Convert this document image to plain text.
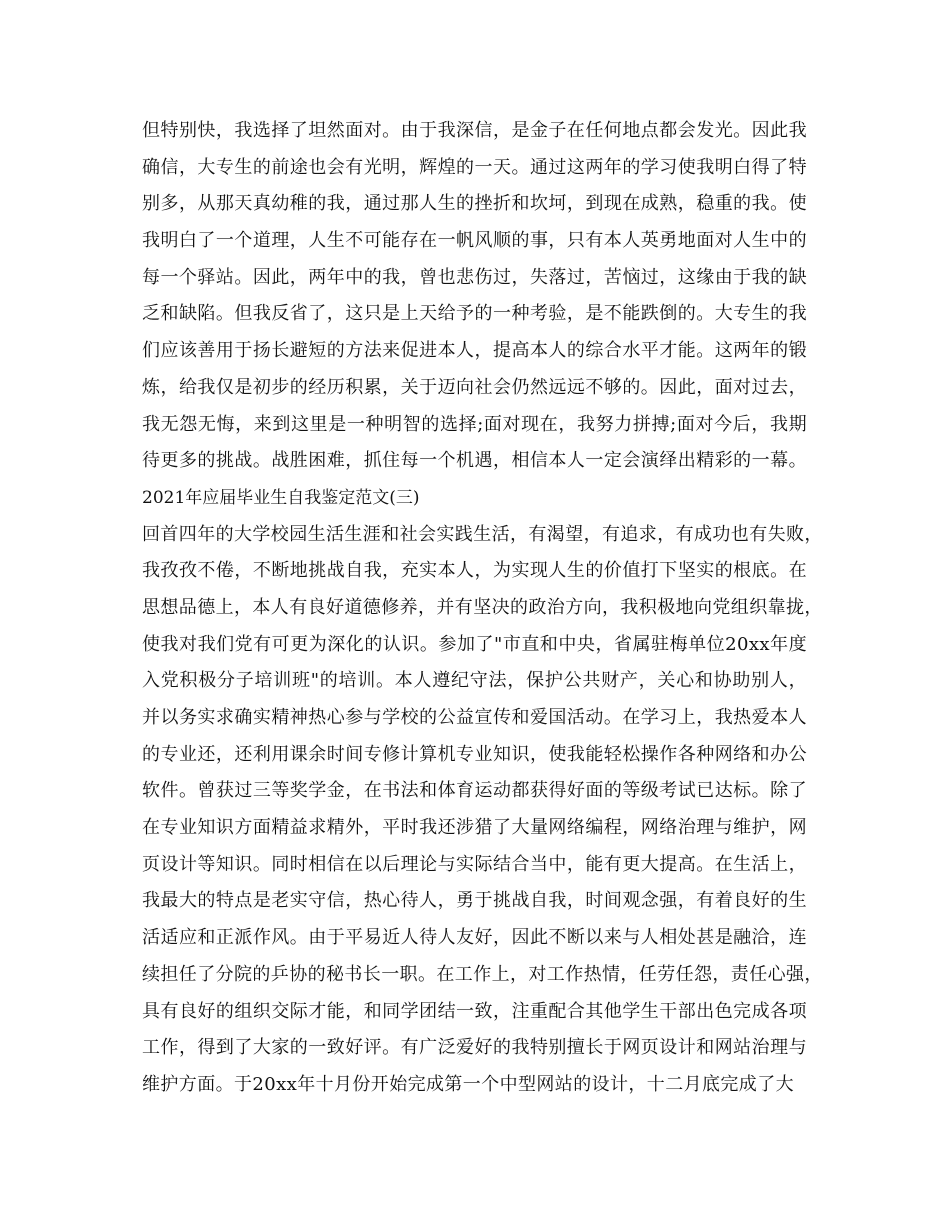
但特别快，我选择了坦然面对。由于我深信，是金子在任何地点都会发光。因此我
确信，大专生的前途也会有光明，辉煌的一天。通过这两年的学习使我明白得了特
别多，从那天真幼稚的我，通过那人生的挫折和坎坷，到现在成熟，稳重的我。使
我明白了一个道理，人生不可能存在一帆风顺的事，只有本人英勇地面对人生中的
每一个驿站。因此，两年中的我，曾也悲伤过，失落过，苦恼过，这缘由于我的缺
乏和缺陷。但我反省了，这只是上天给予的一种考验，是不能跌倒的。大专生的我
们应该善用于扬长避短的方法来促进本人，提高本人的综合水平才能。这两年的锻
炼，给我仅是初步的经历积累，关于迈向社会仍然远远不够的。因此，面对过去，
我无怨无悔，来到这里是一种明智的选择;面对现在，我努力拼搏;面对今后，我期
待更多的挑战。战胜困难，抓住每一个机遇，相信本人一定会演绎出精彩的一幕。
2021年应届毕业生自我鉴定范文(三)
回首四年的大学校园生活生涯和社会实践生活，有渴望，有追求，有成功也有失败，
我孜孜不倦，不断地挑战自我，充实本人，为实现人生的价值打下坚实的根底。在
思想品德上，本人有良好道德修养，并有坚决的政治方向，我积极地向党组织靠拢，
使我对我们党有可更为深化的认识。参加了"市直和中央，省属驻梅单位20xx年度
入党积极分子培训班"的培训。本人遵纪守法，保护公共财产，关心和协助别人，
并以务实求确实精神热心参与学校的公益宣传和爱国活动。在学习上，我热爱本人
的专业还，还利用课余时间专修计算机专业知识，使我能轻松操作各种网络和办公
软件。曾获过三等奖学金，在书法和体育运动都获得好面的等级考试已达标。除了
在专业知识方面精益求精外，平时我还涉猎了大量网络编程，网络治理与维护，网
页设计等知识。同时相信在以后理论与实际结合当中，能有更大提高。在生活上，
我最大的特点是老实守信，热心待人，勇于挑战自我，时间观念强，有着良好的生
活适应和正派作风。由于平易近人待人友好，因此不断以来与人相处甚是融洽，连
续担任了分院的乒协的秘书长一职。在工作上，对工作热情，任劳任怨，责任心强，
具有良好的组织交际才能，和同学团结一致，注重配合其他学生干部出色完成各项
工作，得到了大家的一致好评。有广泛爱好的我特别擅长于网页设计和网站治理与
维护方面。于20xx年十月份开始完成第一个中型网站的设计，十二月底完成了大
